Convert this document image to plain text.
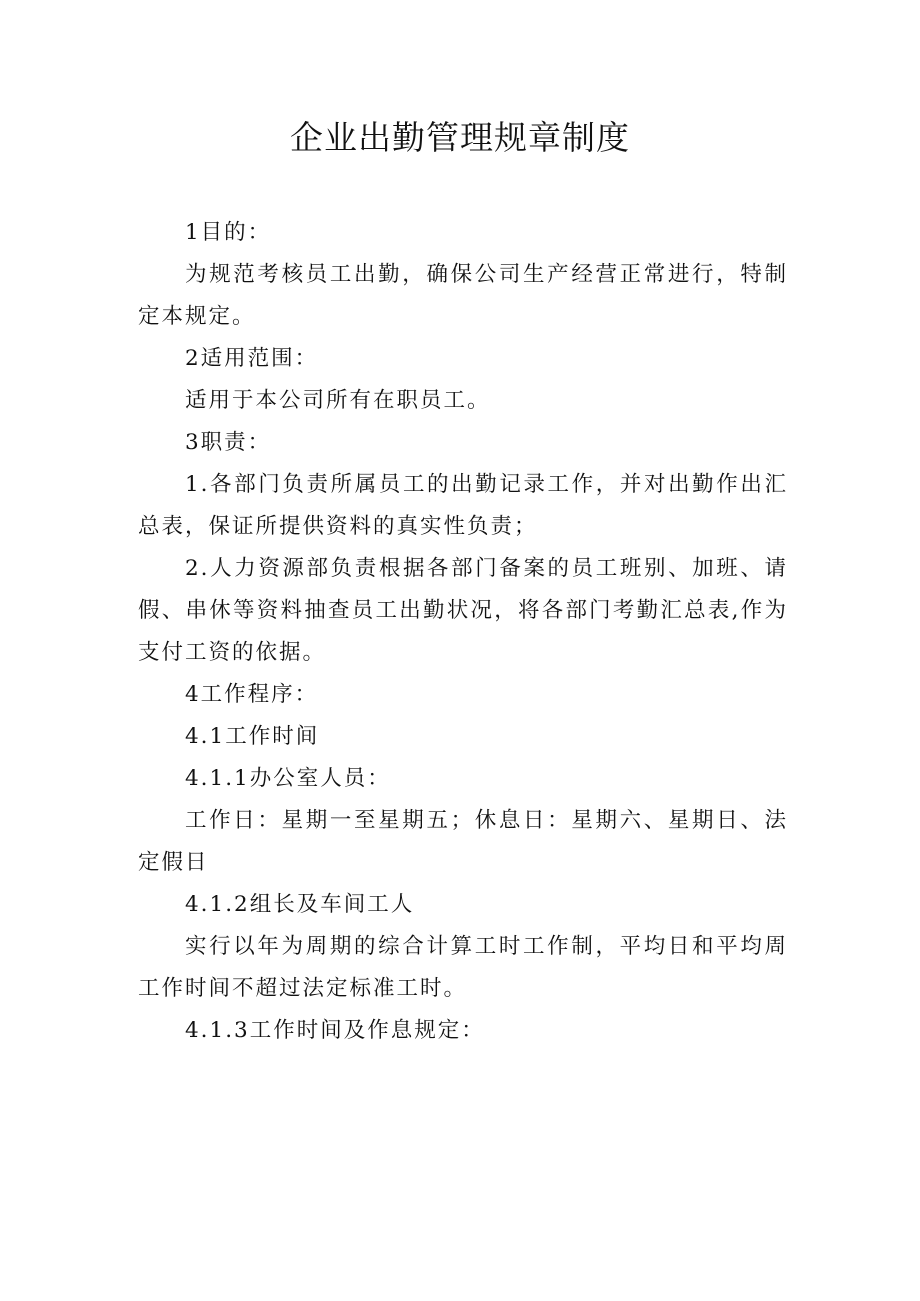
企业出勤管理规章制度

1目的：

为规范考核员工出勤，确保公司生产经营正常进行，特制定本规定。

2适用范围：

适用于本公司所有在职员工。

3职责：

1.各部门负责所属员工的出勤记录工作，并对出勤作出汇总表，保证所提供资料的真实性负责；

2.人力资源部负责根据各部门备案的员工班别、加班、请假、串休等资料抽查员工出勤状况，将各部门考勤汇总表,作为支付工资的依据。

4工作程序：

4.1工作时间

4.1.1办公室人员：

工作日：星期一至星期五；休息日：星期六、星期日、法定假日

4.1.2组长及车间工人

实行以年为周期的综合计算工时工作制，平均日和平均周工作时间不超过法定标准工时。

4.1.3工作时间及作息规定：
